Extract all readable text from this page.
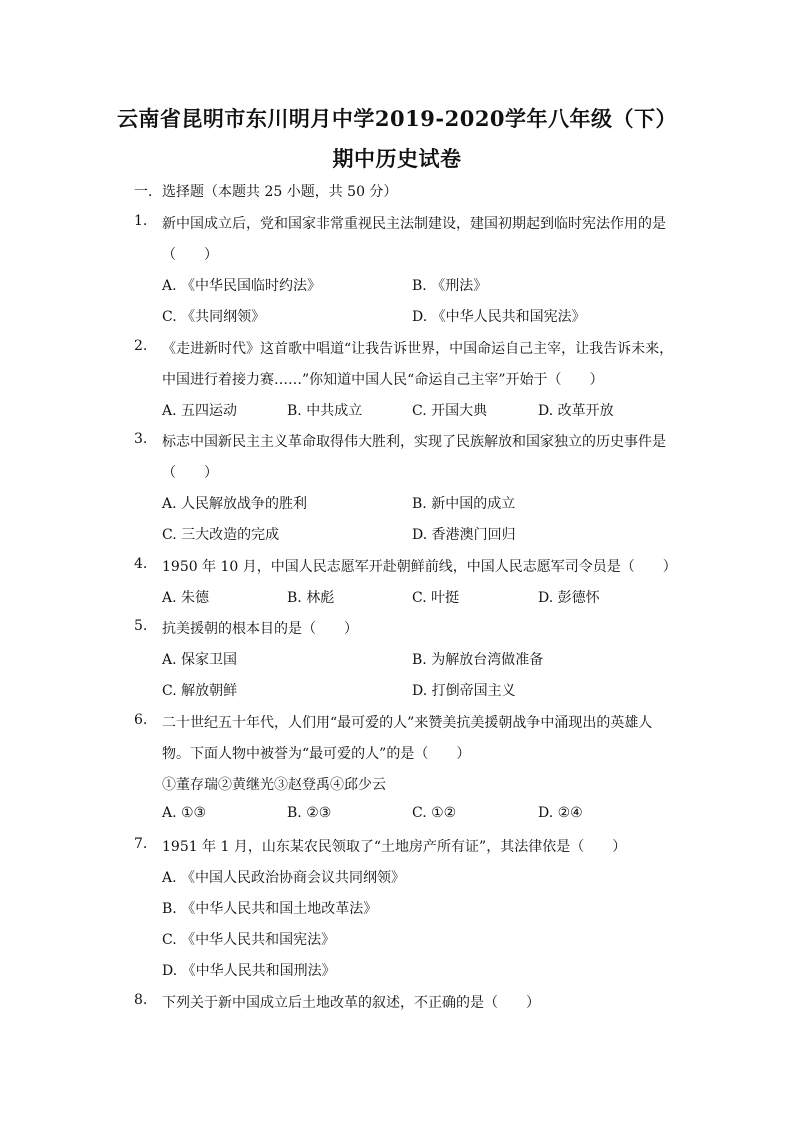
云南省昆明市东川明月中学2019-2020学年八年级（下）
期中历史试卷
一．选择题（本题共 25 小题，共 50 分）
1.	新中国成立后，党和国家非常重视民主法制建设，建国初期起到临时宪法作用的是
（　　）
A. 《中华民国临时约法》	B. 《刑法》
C. 《共同纲领》	D. 《中华人民共和国宪法》
2.	《走进新时代》这首歌中唱道“让我告诉世界，中国命运自己主宰，让我告诉未来，
中国进行着接力赛……”你知道中国人民“命运自己主宰”开始于（　　）
A. 五四运动	B. 中共成立	C. 开国大典	D. 改革开放
3.	标志中国新民主主义革命取得伟大胜利，实现了民族解放和国家独立的历史事件是
（　　）
A. 人民解放战争的胜利	B. 新中国的成立
C. 三大改造的完成	D. 香港澳门回归
4.	1950 年 10 月，中国人民志愿军开赴朝鲜前线，中国人民志愿军司令员是（　　）
A. 朱德	B. 林彪	C. 叶挺	D. 彭德怀
5.	抗美援朝的根本目的是（　　）
A. 保家卫国	B. 为解放台湾做准备
C. 解放朝鲜	D. 打倒帝国主义
6.	二十世纪五十年代，人们用“最可爱的人”来赞美抗美援朝战争中涌现出的英雄人
物。下面人物中被誉为“最可爱的人”的是（　　）
①董存瑞②黄继光③赵登禹④邱少云
A. ①③	B. ②③	C. ①②	D. ②④
7.	1951 年 1 月，山东某农民领取了“土地房产所有证”，其法律依是（　　）
A. 《中国人民政治协商会议共同纲领》
B. 《中华人民共和国土地改革法》
C. 《中华人民共和国宪法》
D. 《中华人民共和国刑法》
8.	下列关于新中国成立后土地改革的叙述，不正确的是（　　）
